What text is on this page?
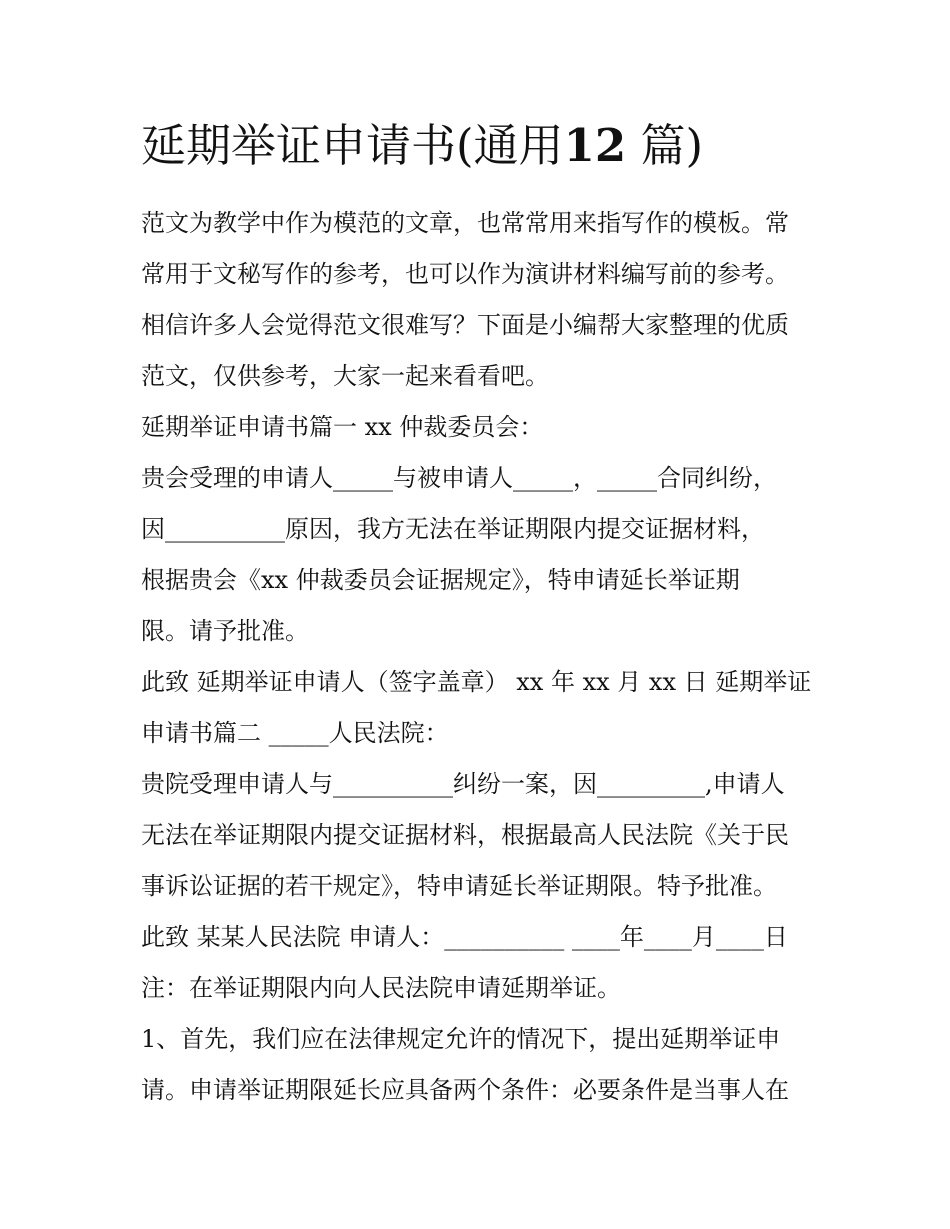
延期举证申请书(通用12 篇)
范文为教学中作为模范的文章，也常常用来指写作的模板。常
常用于文秘写作的参考，也可以作为演讲材料编写前的参考。
相信许多人会觉得范文很难写？下面是小编帮大家整理的优质
范文，仅供参考，大家一起来看看吧。
延期举证申请书篇一 xx 仲裁委员会：
贵会受理的申请人_____与被申请人_____，_____合同纠纷，
因__________原因，我方无法在举证期限内提交证据材料，
根据贵会《xx 仲裁委员会证据规定》，特申请延长举证期
限。请予批准。
此致 延期举证申请人（签字盖章） xx 年 xx 月 xx 日 延期举证
申请书篇二 _____人民法院：
贵院受理申请人与__________纠纷一案，因_________,申请人
无法在举证期限内提交证据材料，根据最高人民法院《关于民
事诉讼证据的若干规定》，特申请延长举证期限。特予批准。
此致 某某人民法院 申请人：__________ ____年____月____日
注：在举证期限内向人民法院申请延期举证。
1、首先，我们应在法律规定允许的情况下，提出延期举证申
请。申请举证期限延长应具备两个条件：必要条件是当事人在
